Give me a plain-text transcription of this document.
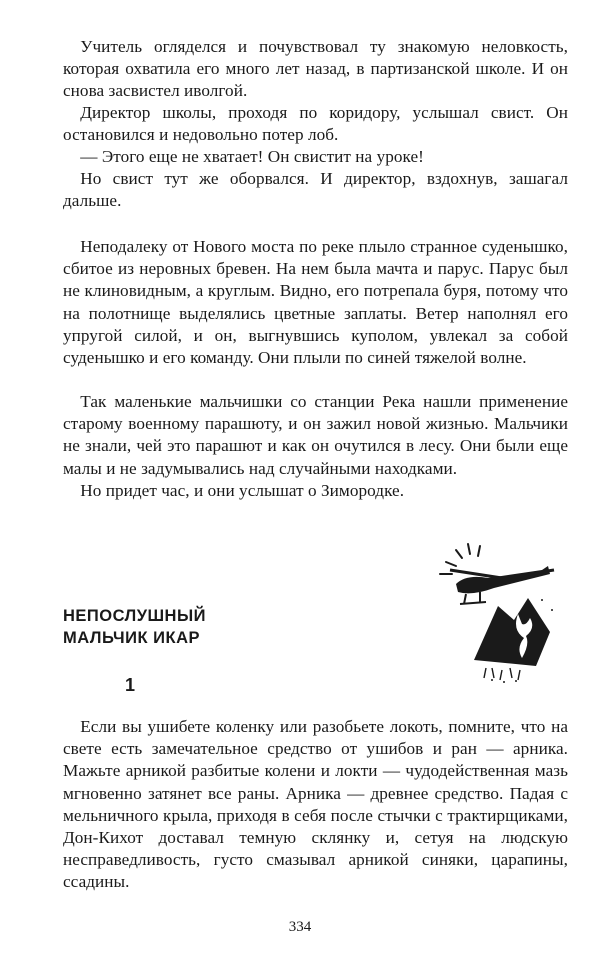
 Учитель огляделся и почувствовал ту знакомую неловкость, которая охватила его много лет назад, в партизанской школе. И он снова засвистел иволгой.

 Директор школы, проходя по коридору, услышал свист. Он остановился и недовольно потер лоб.

 — Этого еще не хватает! Он свистит на уроке!

 Но свист тут же оборвался. И директор, вздохнув, зашагал дальше.

 Неподалеку от Нового моста по реке плыло странное суденышко, сбитое из неровных бревен. На нем была мачта и парус. Парус был не клиновидным, а круглым. Видно, его потрепала буря, потому что на полотнище выделялись цветные заплаты. Ветер наполнял его упругой силой, и он, выгнувшись куполом, увлекал за собой суденышко и его команду. Они плыли по синей тяжелой волне.

 Так маленькие мальчишки со станции Река нашли применение старому военному парашюту, и он зажил новой жизнью. Мальчики не знали, чей это парашют и как он очутился в лесу. Они были еще малы и не задумывались над случайными находками.

 Но придет час, и они услышат о Зимородке.

НЕПОСЛУШНЫЙ МАЛЬЧИК ИКАР

1

 Если вы ушибете коленку или разобьете локоть, помните, что на свете есть замечательное средство от ушибов и ран — арника. Мажьте арникой разбитые колени и локти — чудодейственная мазь мгновенно затянет все раны. Арника — древнее средство. Падая с мельничного крыла, приходя в себя после стычки с трактирщиками, Дон-Кихот доставал темную склянку и, сетуя на людскую несправедливость, густо смазывал арникой синяки, царапины, ссадины.

334
